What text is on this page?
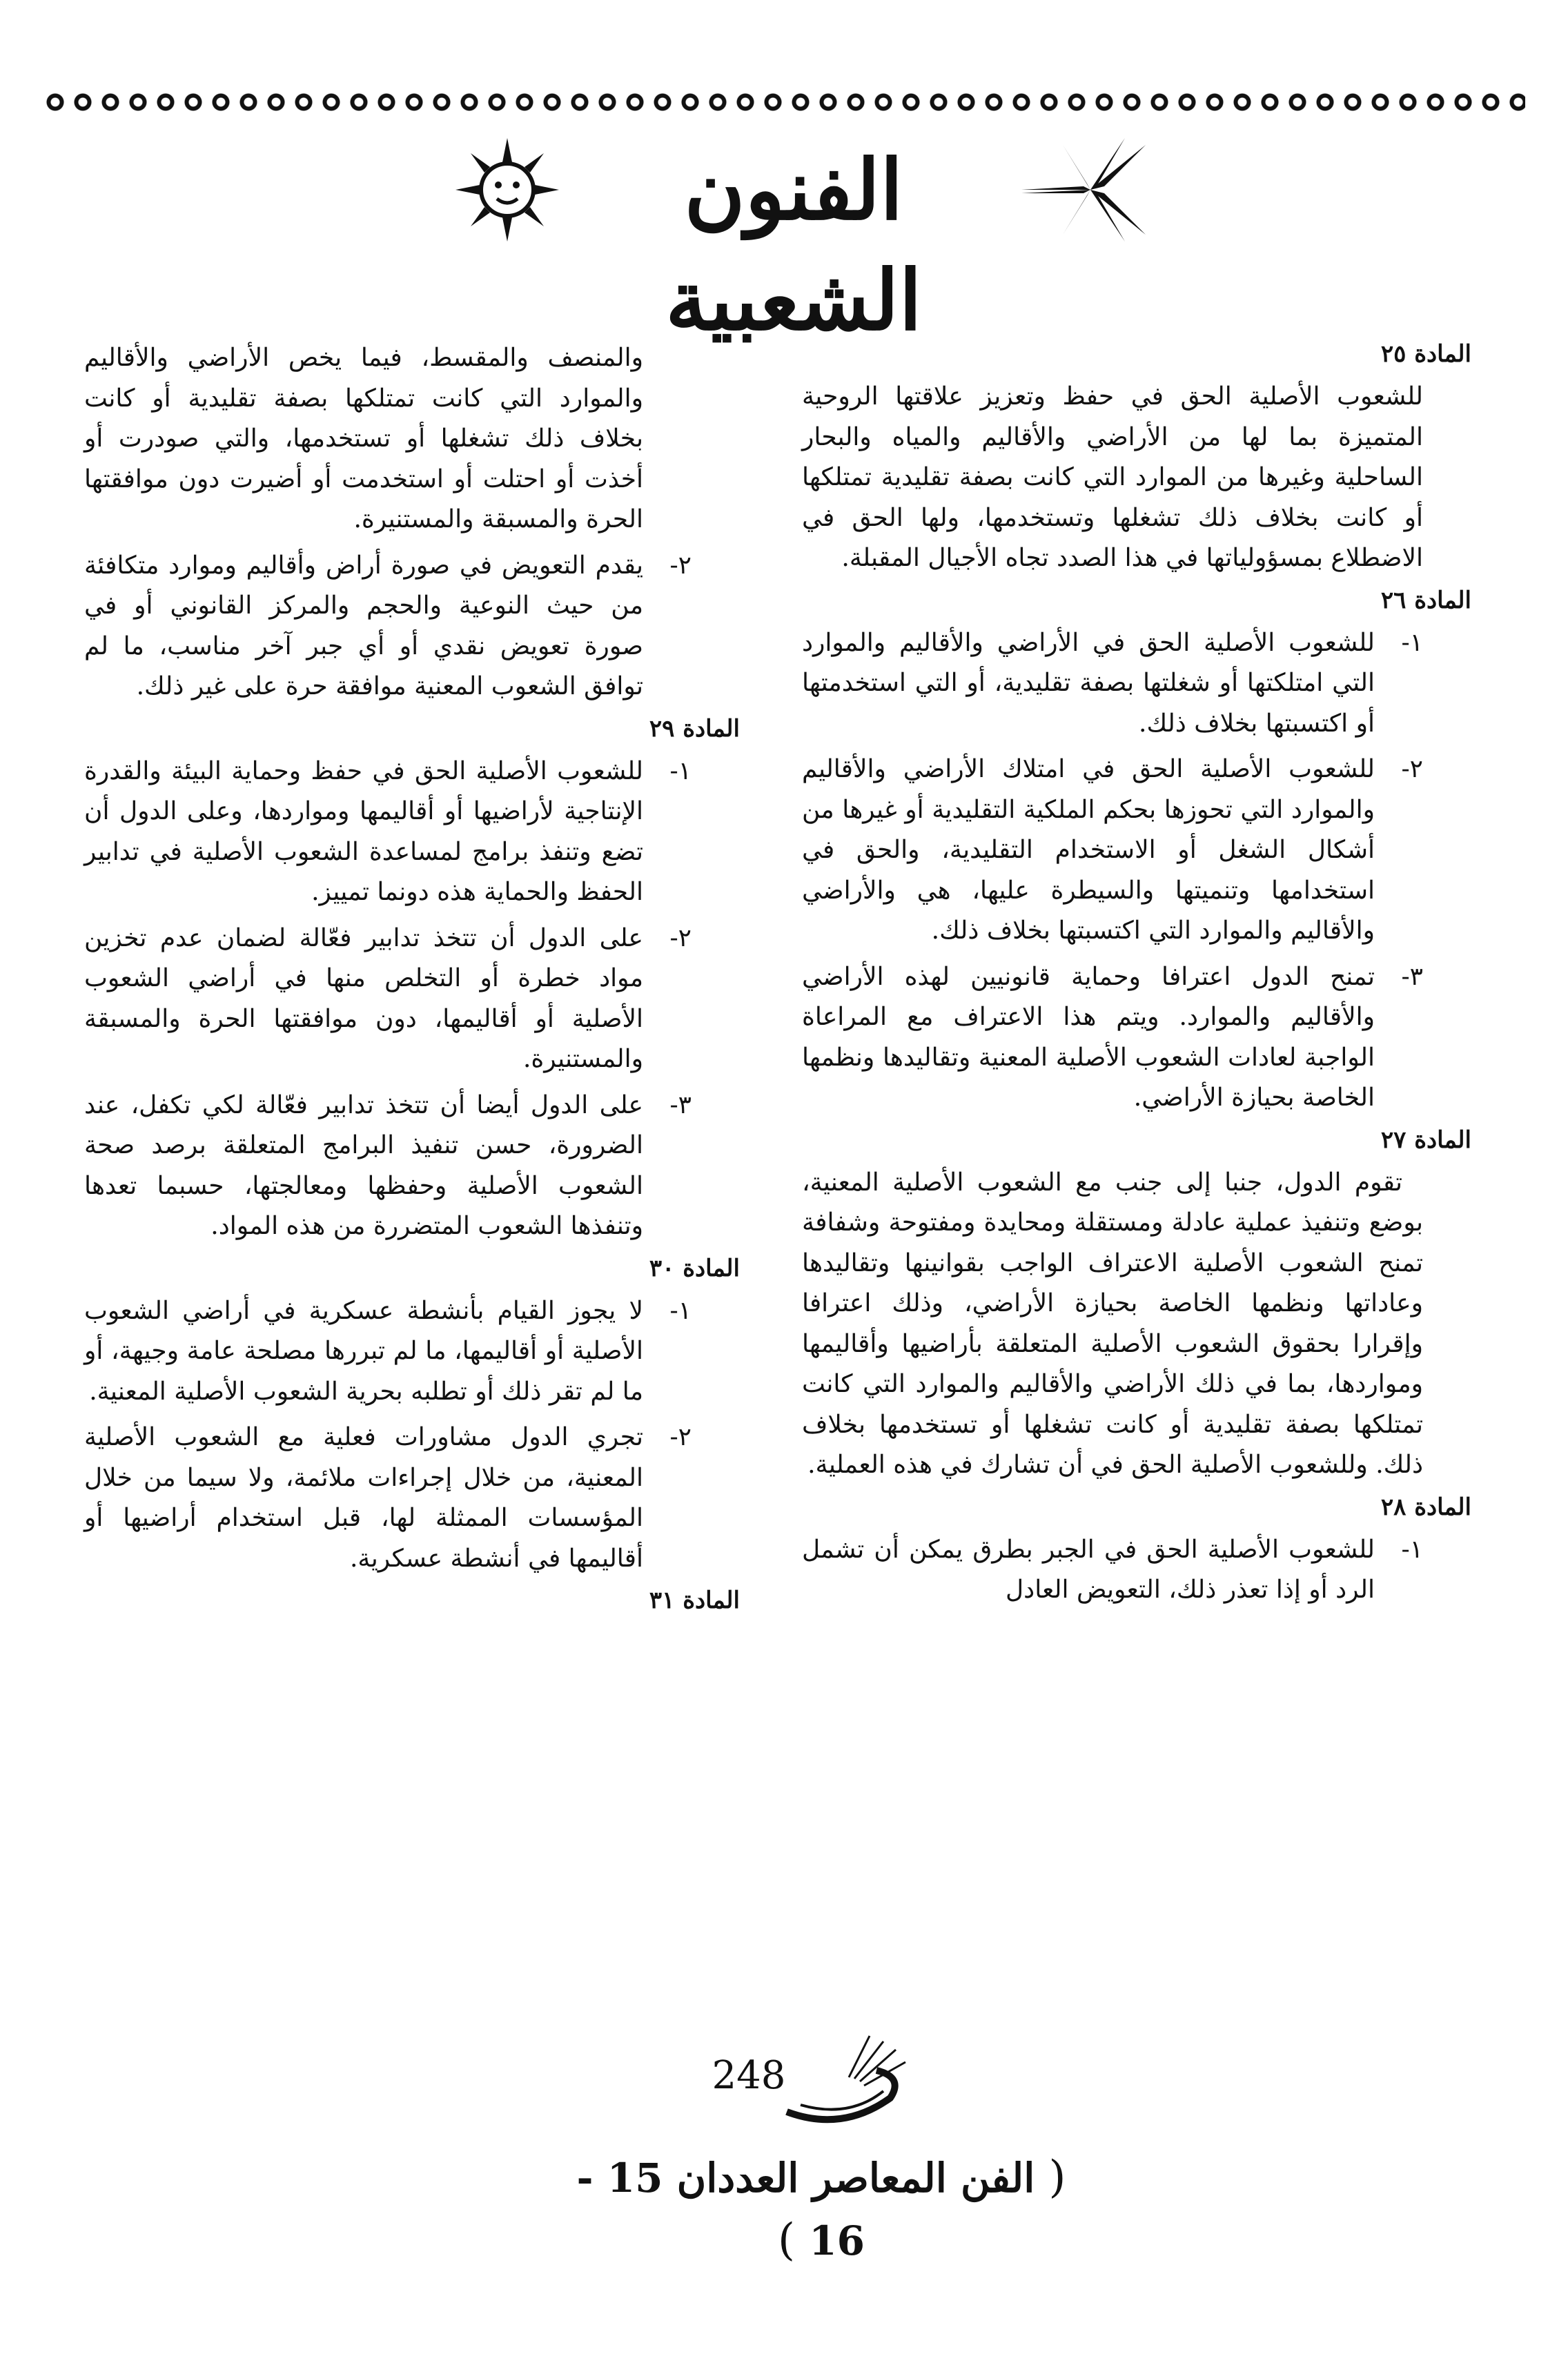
الفنون الشعبية
المادة ٢٥
للشعوب الأصلية الحق في حفظ وتعزيز علاقتها الروحية المتميزة بما لها من الأراضي والأقاليم والمياه والبحار الساحلية وغيرها من الموارد التي كانت بصفة تقليدية تمتلكها أو كانت بخلاف ذلك تشغلها وتستخدمها، ولها الحق في الاضطلاع بمسؤولياتها في هذا الصدد تجاه الأجيال المقبلة.
المادة ٢٦
١-
للشعوب الأصلية الحق في الأراضي والأقاليم والموارد التي امتلكتها أو شغلتها بصفة تقليدية، أو التي استخدمتها أو اكتسبتها بخلاف ذلك.
٢-
للشعوب الأصلية الحق في امتلاك الأراضي والأقاليم والموارد التي تحوزها بحكم الملكية التقليدية أو غيرها من أشكال الشغل أو الاستخدام التقليدية، والحق في استخدامها وتنميتها والسيطرة عليها، هي والأراضي والأقاليم والموارد التي اكتسبتها بخلاف ذلك.
٣-
تمنح الدول اعترافا وحماية قانونيين لهذه الأراضي والأقاليم والموارد. ويتم هذا الاعتراف مع المراعاة الواجبة لعادات الشعوب الأصلية المعنية وتقاليدها ونظمها الخاصة بحيازة الأراضي.
المادة ٢٧
تقوم الدول، جنبا إلى جنب مع الشعوب الأصلية المعنية، بوضع وتنفيذ عملية عادلة ومستقلة ومحايدة ومفتوحة وشفافة تمنح الشعوب الأصلية الاعتراف الواجب بقوانينها وتقاليدها وعاداتها ونظمها الخاصة بحيازة الأراضي، وذلك اعترافا وإقرارا بحقوق الشعوب الأصلية المتعلقة بأراضيها وأقاليمها ومواردها، بما في ذلك الأراضي والأقاليم والموارد التي كانت تمتلكها بصفة تقليدية أو كانت تشغلها أو تستخدمها بخلاف ذلك. وللشعوب الأصلية الحق في أن تشارك في هذه العملية.
المادة ٢٨
١-
للشعوب الأصلية الحق في الجبر بطرق يمكن أن تشمل الرد أو إذا تعذر ذلك، التعويض العادل
والمنصف والمقسط، فيما يخص الأراضي والأقاليم والموارد التي كانت تمتلكها بصفة تقليدية أو كانت بخلاف ذلك تشغلها أو تستخدمها، والتي صودرت أو أخذت أو احتلت أو استخدمت أو أضيرت دون موافقتها الحرة والمسبقة والمستنيرة.
٢-
يقدم التعويض في صورة أراض وأقاليم وموارد متكافئة من حيث النوعية والحجم والمركز القانوني أو في صورة تعويض نقدي أو أي جبر آخر مناسب، ما لم توافق الشعوب المعنية موافقة حرة على غير ذلك.
المادة ٢٩
١-
للشعوب الأصلية الحق في حفظ وحماية البيئة والقدرة الإنتاجية لأراضيها أو أقاليمها ومواردها، وعلى الدول أن تضع وتنفذ برامج لمساعدة الشعوب الأصلية في تدابير الحفظ والحماية هذه دونما تمييز.
٢-
على الدول أن تتخذ تدابير فعّالة لضمان عدم تخزين مواد خطرة أو التخلص منها في أراضي الشعوب الأصلية أو أقاليمها، دون موافقتها الحرة والمسبقة والمستنيرة.
٣-
على الدول أيضا أن تتخذ تدابير فعّالة لكي تكفل، عند الضرورة، حسن تنفيذ البرامج المتعلقة برصد صحة الشعوب الأصلية وحفظها ومعالجتها، حسبما تعدها وتنفذها الشعوب المتضررة من هذه المواد.
المادة ٣٠
١-
لا يجوز القيام بأنشطة عسكرية في أراضي الشعوب الأصلية أو أقاليمها، ما لم تبررها مصلحة عامة وجيهة، أو ما لم تقر ذلك أو تطلبه بحرية الشعوب الأصلية المعنية.
٢-
تجري الدول مشاورات فعلية مع الشعوب الأصلية المعنية، من خلال إجراءات ملائمة، ولا سيما من خلال المؤسسات الممثلة لها، قبل استخدام أراضيها أو أقاليمها في أنشطة عسكرية.
المادة ٣١
248
( الفن المعاصر العددان 15 - 16 )
